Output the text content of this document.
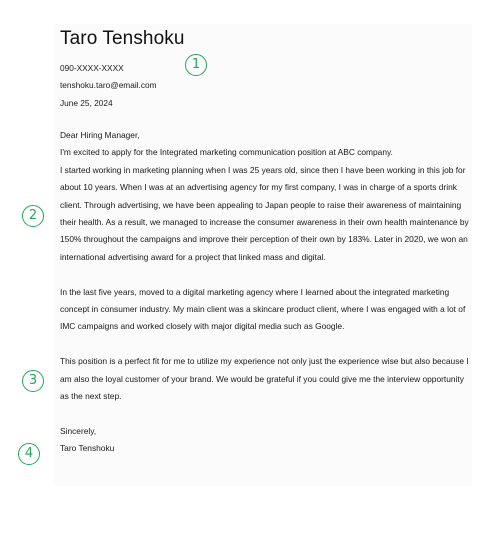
Taro Tenshoku
090-XXXX-XXXX
tenshoku.taro@email.com
June 25, 2024

Dear Hiring Manager,

I'm excited to apply for the Integrated marketing communication position at ABC company.

I started working in marketing planning when I was 25 years old, since then I have been working in this job for about 10 years. When I was at an advertising agency for my first company, I was in charge of a sports drink client. Through advertising, we have been appealing to Japan people to raise their awareness of maintaining their health. As a result, we managed to increase the consumer awareness in their own health maintenance by 150% throughout the campaigns and improve their perception of their own by 183%. Later in 2020, we won an international advertising award for a project that linked mass and digital.

In the last five years, moved to a digital marketing agency where I learned about the integrated marketing concept in consumer industry. My main client was a skincare product client, where I was engaged with a lot of IMC campaigns and worked closely with major digital media such as Google.

This position is a perfect fit for me to utilize my experience not only just the experience wise but also because I am also the loyal customer of your brand. We would be grateful if you could give me the interview opportunity as the next step.

Sincerely,

Taro Tenshoku

1
2
3
4
